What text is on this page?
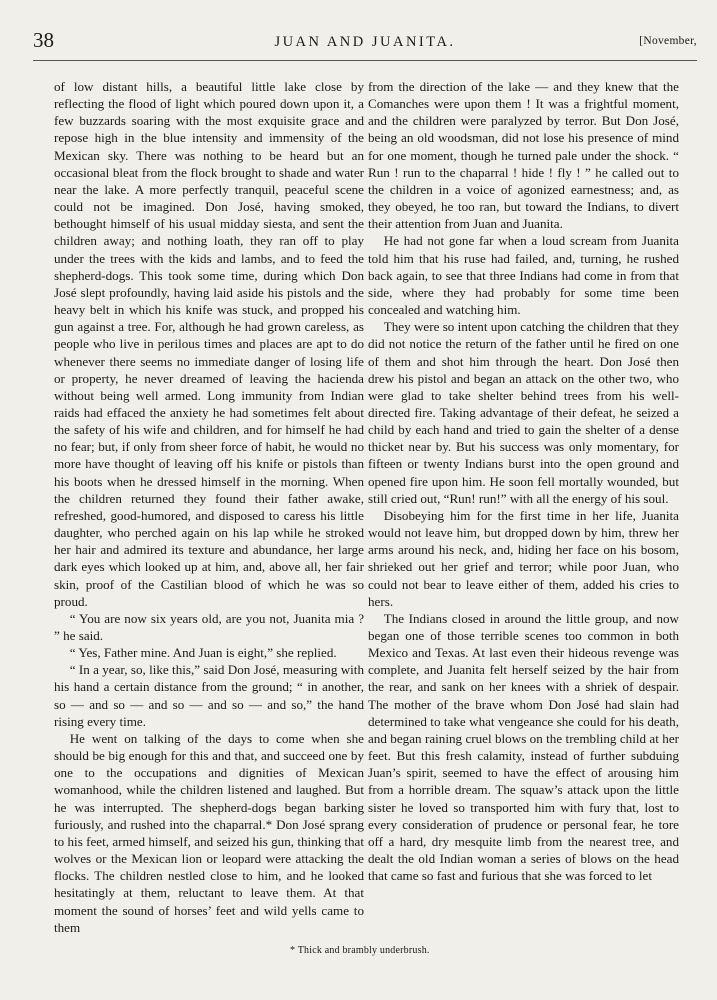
38	JUAN AND JUANITA.	[November,

of low distant hills, a beautiful little lake close by reflecting the flood of light which poured down upon it, a few buzzards soaring with the most exquisite grace and repose high in the blue intensity and immensity of the Mexican sky. There was nothing to be heard but an occasional bleat from the flock brought to shade and water near the lake. A more perfectly tranquil, peaceful scene could not be imagined. Don José, having smoked, bethought himself of his usual midday siesta, and sent the children away; and nothing loath, they ran off to play under the trees with the kids and lambs, and to feed the shepherd-dogs. This took some time, during which Don José slept profoundly, having laid aside his pistols and the heavy belt in which his knife was stuck, and propped his gun against a tree. For, although he had grown careless, as people who live in perilous times and places are apt to do whenever there seems no immediate danger of losing life or property, he never dreamed of leaving the hacienda without being well armed. Long immunity from Indian raids had effaced the anxiety he had sometimes felt about the safety of his wife and children, and for himself he had no fear; but, if only from sheer force of habit, he would no more have thought of leaving off his knife or pistols than his boots when he dressed himself in the morning. When the children returned they found their father awake, refreshed, good-humored, and disposed to caress his little daughter, who perched again on his lap while he stroked her hair and admired its texture and abundance, her large dark eyes which looked up at him, and, above all, her fair skin, proof of the Castilian blood of which he was so proud.

“ You are now six years old, are you not, Juanita mia ? ” he said.

“ Yes, Father mine. And Juan is eight,” she replied.

“ In a year, so, like this,” said Don José, measuring with his hand a certain distance from the ground; “ in another, so — and so — and so — and so — and so,” the hand rising every time.

He went on talking of the days to come when she should be big enough for this and that, and succeed one by one to the occupations and dignities of Mexican womanhood, while the children listened and laughed. But he was interrupted. The shepherd-dogs began barking furiously, and rushed into the chaparral.* Don José sprang to his feet, armed himself, and seized his gun, thinking that wolves or the Mexican lion or leopard were attacking the flocks. The children nestled close to him, and he looked hesitatingly at them, reluctant to leave them. At that moment the sound of horses’ feet and wild yells came to them

from the direction of the lake — and they knew that the Comanches were upon them ! It was a frightful moment, and the children were paralyzed by terror. But Don José, being an old woodsman, did not lose his presence of mind for one moment, though he turned pale under the shock. “ Run ! run to the chaparral ! hide ! fly ! ” he called out to the children in a voice of agonized earnestness; and, as they obeyed, he too ran, but toward the Indians, to divert their attention from Juan and Juanita.

He had not gone far when a loud scream from Juanita told him that his ruse had failed, and, turning, he rushed back again, to see that three Indians had come in from that side, where they had probably for some time been concealed and watching him.

They were so intent upon catching the children that they did not notice the return of the father until he fired on one of them and shot him through the heart. Don José then drew his pistol and began an attack on the other two, who were glad to take shelter behind trees from his well-directed fire. Taking advantage of their defeat, he seized a child by each hand and tried to gain the shelter of a dense thicket near by. But his success was only momentary, for fifteen or twenty Indians burst into the open ground and opened fire upon him. He soon fell mortally wounded, but still cried out, “Run! run!” with all the energy of his soul.

Disobeying him for the first time in her life, Juanita would not leave him, but dropped down by him, threw her arms around his neck, and, hiding her face on his bosom, shrieked out her grief and terror; while poor Juan, who could not bear to leave either of them, added his cries to hers.

The Indians closed in around the little group, and now began one of those terrible scenes too common in both Mexico and Texas. At last even their hideous revenge was complete, and Juanita felt herself seized by the hair from the rear, and sank on her knees with a shriek of despair. The mother of the brave whom Don José had slain had determined to take what vengeance she could for his death, and began raining cruel blows on the trembling child at her feet. But this fresh calamity, instead of further subduing Juan’s spirit, seemed to have the effect of arousing him from a horrible dream. The squaw’s attack upon the little sister he loved so transported him with fury that, lost to every consideration of prudence or personal fear, he tore off a hard, dry mesquite limb from the nearest tree, and dealt the old Indian woman a series of blows on the head that came so fast and furious that she was forced to let

* Thick and brambly underbrush.
